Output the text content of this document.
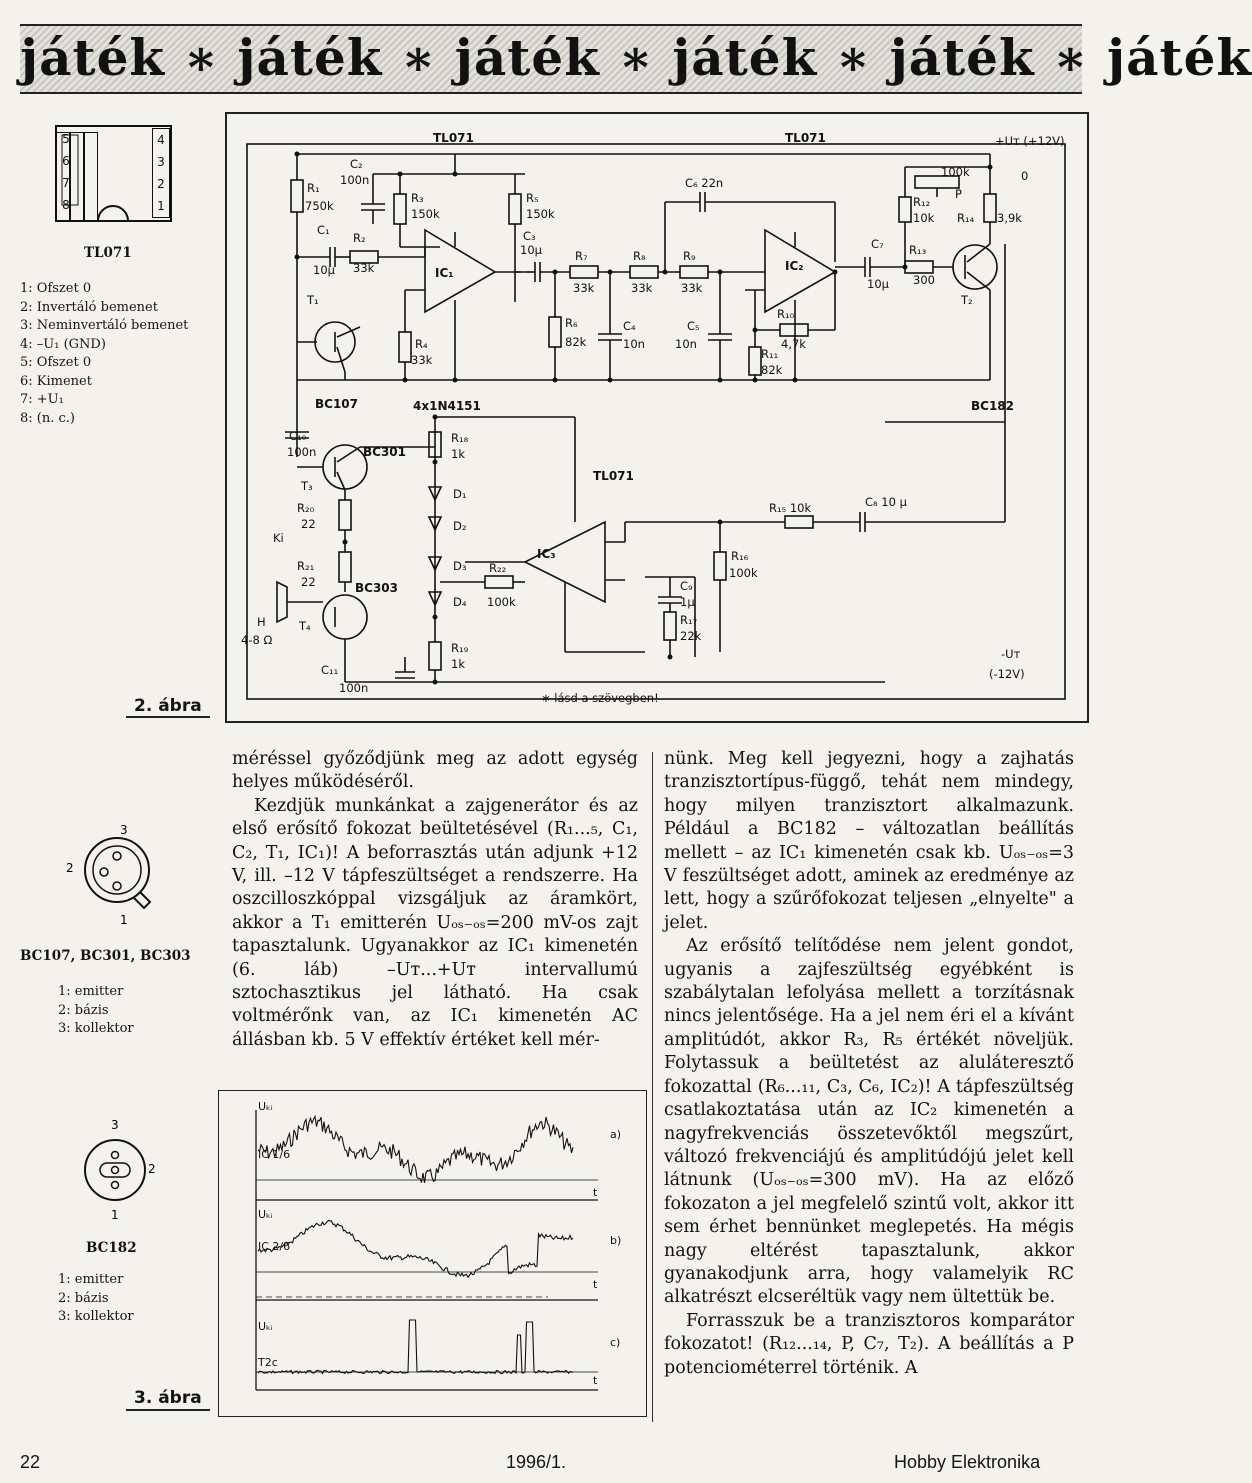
játék ∗ játék ∗ játék ∗ játék ∗ játék ∗ játék
5
6
7
8
4
3
2
1
TL071
1: Ofszet 0
2: Invertáló bemenet
3: Neminvertáló bemenet
4: –U₁ (GND)
5: Ofszet 0
6: Kimenet
7: +U₁
8: (n. c.)
2. ábra
3
2
1
BC107, BC301, BC303
1: emitter
2: bázis
3: kollektor
3
2
1
BC182
1: emitter
2: bázis
3: kollektor
3. ábra
TL071	TL071	+Uᴛ (+12V)
0
R₁
750k
C₂
100n
R₃
150k
R₅
150k
C₁
10µ
R₂
33k	IC₁
T₁
R₄
33k
BC107
C₃
10µ	R₇
33k
R₈
33k
R₉
33k
C₆ 22n
R₆
82k
C₄
10n
C₅
10n
IC₂
R₁₀
4,7k
R₁₁
82k
C₇
10µ
R₁₃
300
100k
P
R₁₂
10k R₁₄ 3,9k
T₂
BC182
4x1N4151
C₁₀
100n	BC301
T₃
R₁₈
1k
D₁
D₂
D₃
D₄
R₂₀
22
Ki
R₂₁
22	BC303
H
4-8 Ω
T₄
C₁₁
100n
R₁₉
1k
TL071
IC₃
R₂₂
100k
C₉
1µ
R₁₇
22k
R₁₆
100k
R₁₅ 10k	C₈ 10 µ
-Uᴛ
(-12V)
∗ lásd a szövegben!

méréssel győződjünk meg az adott egység helyes működéséről.

Kezdjük munkánkat a zajgenerátor és az első erősítő fokozat beültetésével (R₁...₅, C₁, C₂, T₁, IC₁)! A beforrasztás után adjunk +12 V, ill. –12 V tápfeszültséget a rendszerre. Ha oszcilloszkóppal vizsgáljuk az áramkört, akkor a T₁ emitterén Uₒₛ₋ₒₛ=200 mV-os zajt tapasztalunk. Ugyanakkor az IC₁ kimenetén (6. láb) –Uᴛ...+Uᴛ intervallumú sztochasztikus jel látható. Ha csak voltmérőnk van, az IC₁ kimenetén AC állásban kb. 5 V effektív értéket kell mér-

nünk. Meg kell jegyezni, hogy a zajhatás tranzisztortípus-függő, tehát nem mindegy, hogy milyen tranzisztort alkalmazunk. Például a BC182 – változatlan beállítás mellett – az IC₁ kimenetén csak kb. Uₒₛ₋ₒₛ=3 V feszültséget adott, aminek az eredménye az lett, hogy a szűrőfokozat teljesen „elnyelte" a jelet.

Az erősítő telítődése nem jelent gondot, ugyanis a zajfeszültség egyébként is szabálytalan lefolyása mellett a torzításnak nincs jelentősége. Ha a jel nem éri el a kívánt amplitúdót, akkor R₃, R₅ értékét növeljük. Folytassuk a beültetést az aluláteresztő fokozattal (R₆...₁₁, C₃, C₆, IC₂)! A tápfeszültség csatlakoztatása után az IC₂ kimenetén a nagyfrekvenciás összetevőktől megszűrt, változó frekvenciájú és amplitúdójú jelet kell látnunk (Uₒₛ₋ₒₛ=300 mV). Ha az előző fokozaton a jel megfelelő szintű volt, akkor itt sem érhet bennünket meglepetés. Ha mégis nagy eltérést tapasztalunk, akkor gyanakodjunk arra, hogy valamelyik RC alkatrészt elcseréltük vagy nem ültettük be.

Forrasszuk be a tranzisztoros komparátor fokozatot! (R₁₂...₁₄, P, C₇, T₂). A beállítás a P potenciométerrel történik. A

Uₖᵢ
IC 1/6
a)
t
Uₖᵢ
IC 2/6	b)
t
Uₖᵢ
T2c
c)
t
22	1996/1.	Hobby Elektronika
